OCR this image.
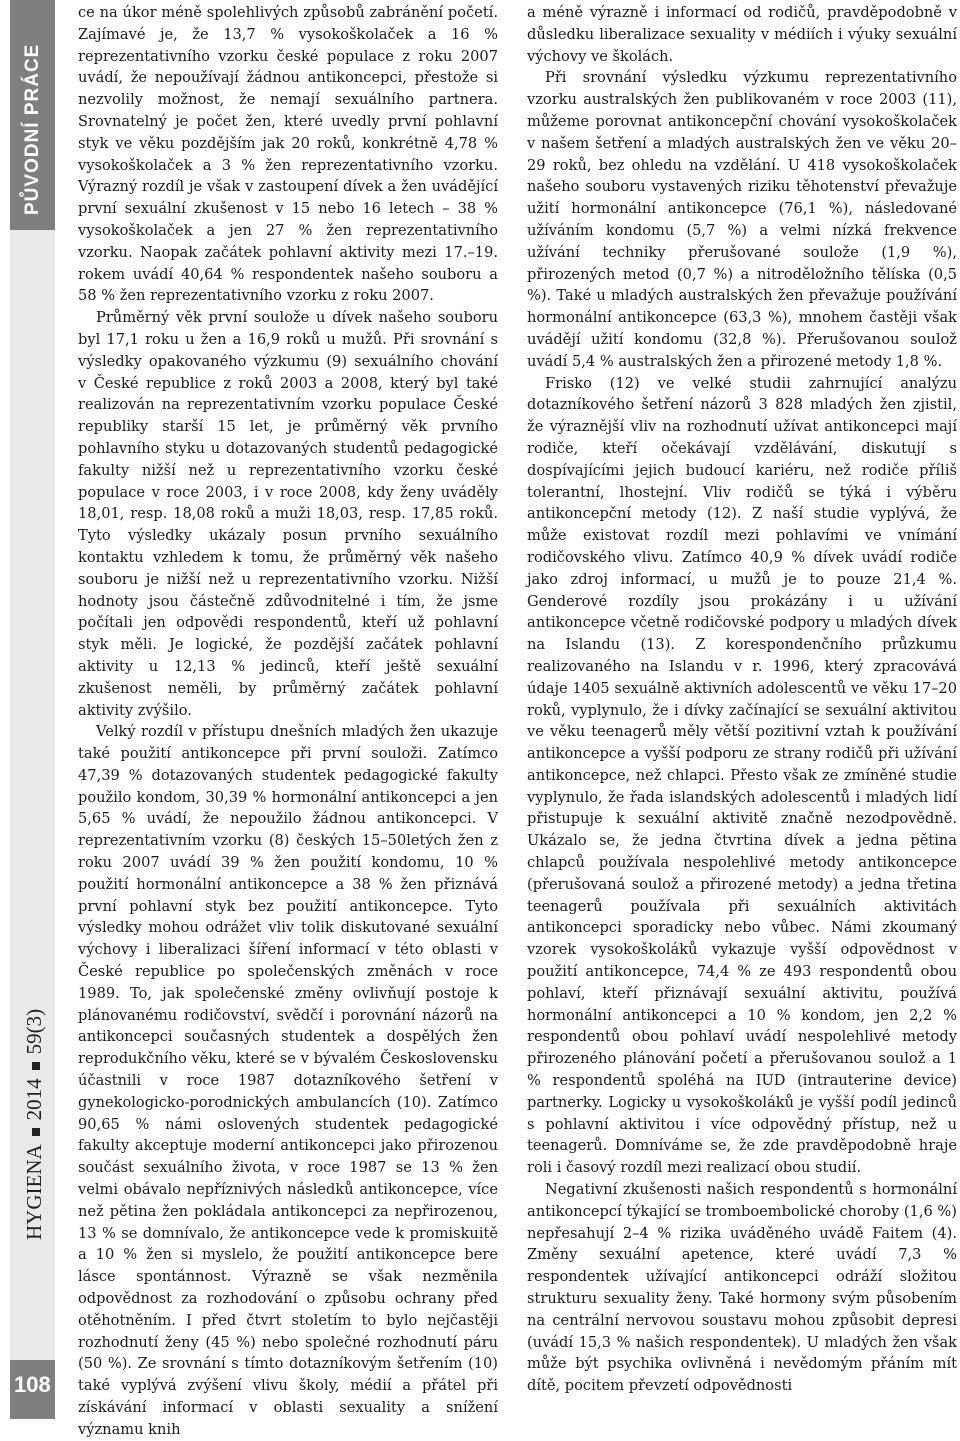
PŮVODNÍ PRÁCE
HYGIENA201459(3)
108

ce na úkor méně spolehlivých způsobů zabránění početí. Zajímavé je, že 13,7 % vysokoškolaček a 16 % reprezentativního vzorku české populace z roku 2007 uvádí, že nepoužívají žádnou antikoncepci, přestože si nezvolily možnost, že nemají sexuálního partnera. Srovnatelný je počet žen, které uvedly první pohlavní styk ve věku pozdějším jak 20 roků, konkrétně 4,78 % vysokoškolaček a 3 % žen reprezentativního vzorku. Výrazný rozdíl je však v zastoupení dívek a žen uvádějící první sexuální zkušenost v 15 nebo 16 letech – 38 % vysokoškolaček a jen 27 % žen reprezentativního vzorku. Naopak začátek pohlavní aktivity mezi 17.–19. rokem uvádí 40,64 % respondentek našeho souboru a 58 % žen reprezentativního vzorku z roku 2007.

Průměrný věk první soulože u dívek našeho souboru byl 17,1 roku u žen a 16,9 roků u mužů. Při srovnání s výsledky opakovaného výzkumu (9) sexuálního chování v České republice z roků 2003 a 2008, který byl také realizován na reprezentativním vzorku populace České republiky starší 15 let, je průměrný věk prvního pohlavního styku u dotazovaných studentů pedagogické fakulty nižší než u reprezentativního vzorku české populace v roce 2003, i v roce 2008, kdy ženy uváděly 18,01, resp. 18,08 roků a muži 18,03, resp. 17,85 roků. Tyto výsledky ukázaly posun prvního sexuálního kontaktu vzhledem k tomu, že průměrný věk našeho souboru je nižší než u reprezentativního vzorku. Nižší hodnoty jsou částečně zdůvodnitelné i tím, že jsme počítali jen odpovědi respondentů, kteří už pohlavní styk měli. Je logické, že pozdější začátek pohlavní aktivity u 12,13 % jedinců, kteří ještě sexuální zkušenost neměli, by průměrný začátek pohlavní aktivity zvýšilo.

Velký rozdíl v přístupu dnešních mladých žen ukazuje také použití antikoncepce při první souloži. Zatímco 47,39 % dotazovaných studentek pedagogické fakulty použilo kondom, 30,39 % hormonální antikoncepci a jen 5,65 % uvádí, že nepoužilo žádnou antikoncepci. V reprezentativním vzorku (8) českých 15–50letých žen z roku 2007 uvádí 39 % žen použití kondomu, 10 % použití hormonální antikoncepce a 38 % žen přiznává první pohlavní styk bez použití antikoncepce. Tyto výsledky mohou odrážet vliv tolik diskutované sexuální výchovy i liberalizaci šíření informací v této oblasti v České republice po společenských změnách v roce 1989. To, jak společenské změny ovlivňují postoje k plánovanému rodičovství, svědčí i porovnání názorů na antikoncepci současných studentek a dospělých žen reprodukčního věku, které se v bývalém Československu účastnili v roce 1987 dotazníkového šetření v gynekologicko-porodnických ambulancích (10). Zatímco 90,65 % námi oslovených studentek pedagogické fakulty akceptuje moderní antikoncepci jako přirozenou součást sexuálního života, v roce 1987 se 13 % žen velmi obávalo nepříznivých následků antikoncepce, více než pětina žen pokládala antikoncepci za nepřirozenou, 13 % se domnívalo, že antikoncepce vede k promiskuitě a 10 % žen si myslelo, že použití antikoncepce bere lásce spontánnost. Výrazně se však nezměnila odpovědnost za rozhodování o způsobu ochrany před otěhotněním. I před čtvrt stoletím to bylo nejčastěji rozhodnutí ženy (45 %) nebo společné rozhodnutí páru (50 %). Ze srovnání s tímto dotazníkovým šetřením (10) také vyplývá zvýšení vlivu školy, médií a přátel při získávání informací v oblasti sexuality a snížení významu knih

a méně výrazně i informací od rodičů, pravděpodobně v důsledku liberalizace sexuality v médiích i výuky sexuální výchovy ve školách.

Při srovnání výsledku výzkumu reprezentativního vzorku australských žen publikovaném v roce 2003 (11), můžeme porovnat antikoncepční chování vysokoškolaček v našem šetření a mladých australských žen ve věku 20–29 roků, bez ohledu na vzdělání. U 418 vysokoškolaček našeho souboru vystavených riziku těhotenství převažuje užití hormonální antikoncepce (76,1 %), následované užíváním kondomu (5,7 %) a velmi nízká frekvence užívání techniky přerušované soulože (1,9 %), přirozených metod (0,7 %) a nitroděložního tělíska (0,5 %). Také u mladých australských žen převažuje používání hormonální antikoncepce (63,3 %), mnohem častěji však uvádějí užití kondomu (32,8 %). Přerušovanou soulož uvádí 5,4 % australských žen a přirozené metody 1,8 %.

Frisko (12) ve velké studii zahrnující analýzu dotazníkového šetření názorů 3 828 mladých žen zjistil, že výraznější vliv na rozhodnutí užívat antikoncepci mají rodiče, kteří očekávají vzdělávání, diskutují s dospívajícími jejich budoucí kariéru, než rodiče příliš tolerantní, lhostejní. Vliv rodičů se týká i výběru antikoncepční metody (12). Z naší studie vyplývá, že může existovat rozdíl mezi pohlavími ve vnímání rodičovského vlivu. Zatímco 40,9 % dívek uvádí rodiče jako zdroj informací, u mužů je to pouze 21,4 %. Genderové rozdíly jsou prokázány i u užívání antikoncepce včetně rodičovské podpory u mladých dívek na Islandu (13). Z korespondenčního průzkumu realizovaného na Islandu v r. 1996, který zpracovává údaje 1405 sexuálně aktivních adolescentů ve věku 17–20 roků, vyplynulo, že i dívky začínající se sexuální aktivitou ve věku teenagerů měly větší pozitivní vztah k používání antikoncepce a vyšší podporu ze strany rodičů při užívání antikoncepce, než chlapci. Přesto však ze zmíněné studie vyplynulo, že řada islandských adolescentů i mladých lidí přistupuje k sexuální aktivitě značně nezodpovědně. Ukázalo se, že jedna čtvrtina dívek a jedna pětina chlapců používala nespolehlivé metody antikoncepce (přerušovaná soulož a přirozené metody) a jedna třetina teenagerů používala při sexuálních aktivitách antikoncepci sporadicky nebo vůbec. Námi zkoumaný vzorek vysokoškoláků vykazuje vyšší odpovědnost v použití antikoncepce, 74,4 % ze 493 respondentů obou pohlaví, kteří přiznávají sexuální aktivitu, používá hormonální antikoncepci a 10 % kondom, jen 2,2 % respondentů obou pohlaví uvádí nespolehlivé metody přirozeného plánování početí a přerušovanou soulož a 1 % respondentů spoléhá na IUD (intrauterine device) partnerky. Logicky u vysokoškoláků je vyšší podíl jedinců s pohlavní aktivitou i více odpovědný přístup, než u teenagerů. Domníváme se, že zde pravděpodobně hraje roli i časový rozdíl mezi realizací obou studií.

Negativní zkušenosti našich respondentů s hormonální antikoncepcí týkající se tromboembolické choroby (1,6 %) nepřesahují 2–4 % rizika uváděného uvádě Faitem (4). Změny sexuální apetence, které uvádí 7,3 % respondentek užívající antikoncepci odráží složitou strukturu sexuality ženy. Také hormony svým působením na centrální nervovou soustavu mohou způsobit depresi (uvádí 15,3 % našich respondentek). U mladých žen však může být psychika ovlivněná i nevědomým přáním mít dítě, pocitem převzetí odpovědnosti
